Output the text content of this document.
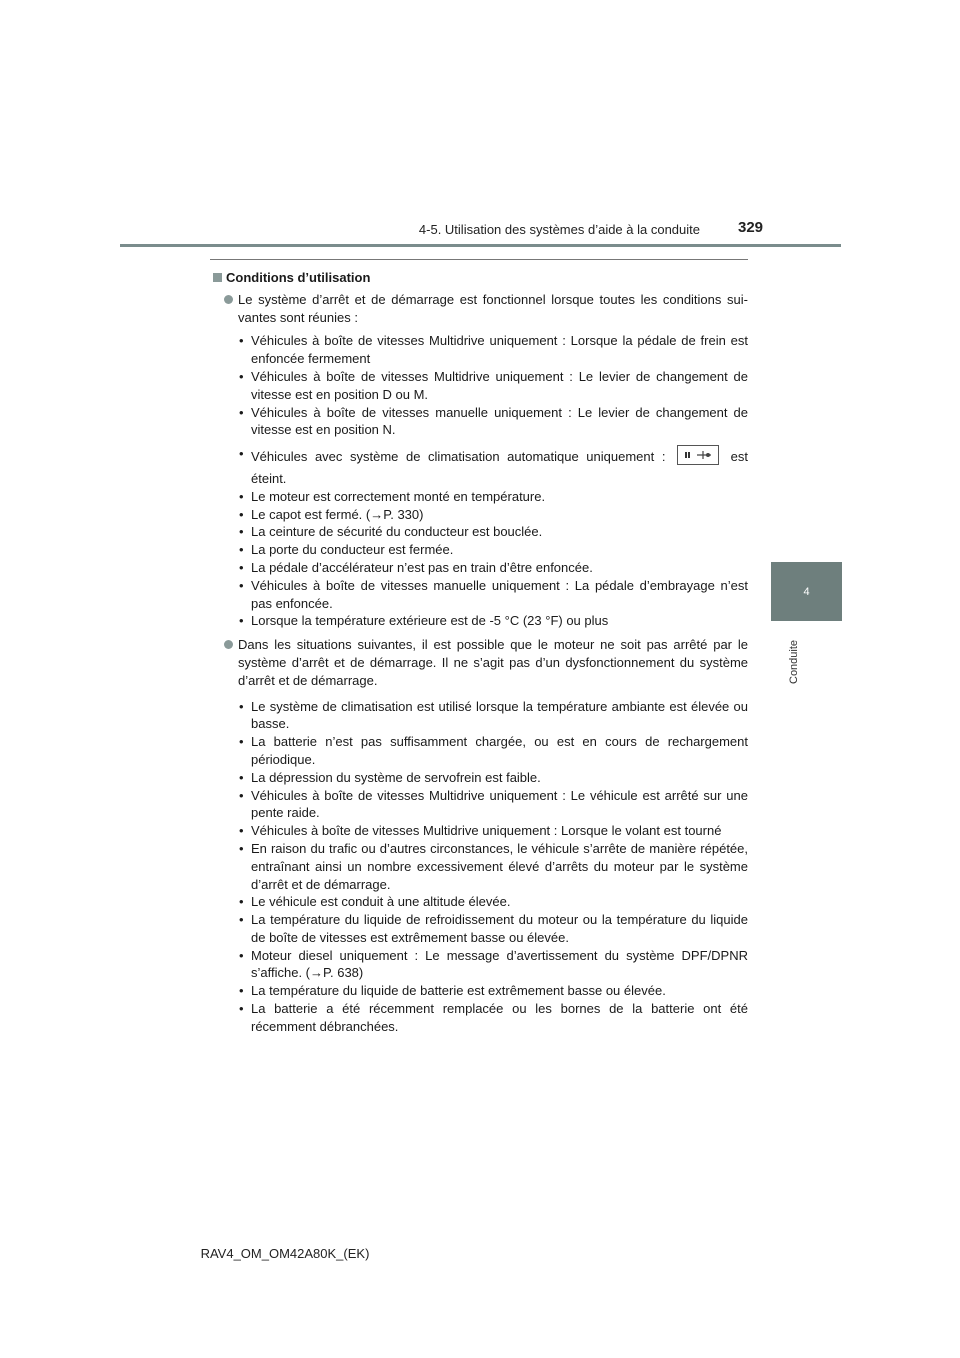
4-5. Utilisation des systèmes d’aide à la conduite	329
4
Conduite
Conditions d’utilisation
Le système d’arrêt et de démarrage est fonctionnel lorsque toutes les conditions sui-vantes sont réunies :
• Véhicules à boîte de vitesses Multidrive uniquement : Lorsque la pédale de frein est enfoncée fermement
• Véhicules à boîte de vitesses Multidrive uniquement : Le levier de changement de vitesse est en position D ou M.
• Véhicules à boîte de vitesses manuelle uniquement : Le levier de changement de vitesse est en position N.
• Véhicules avec système de climatisation automatique uniquement :	est éteint.
• Le moteur est correctement monté en température.
• Le capot est fermé. (→P. 330)
• La ceinture de sécurité du conducteur est bouclée.
• La porte du conducteur est fermée.
• La pédale d’accélérateur n’est pas en train d’être enfoncée.
• Véhicules à boîte de vitesses manuelle uniquement : La pédale d’embrayage n’est pas enfoncée.
• Lorsque la température extérieure est de -5 °C (23 °F) ou plus
Dans les situations suivantes, il est possible que le moteur ne soit pas arrêté par le système d’arrêt et de démarrage. Il ne s’agit pas d’un dysfonctionnement du système d’arrêt et de démarrage.
• Le système de climatisation est utilisé lorsque la température ambiante est élevée ou basse.
• La batterie n’est pas suffisamment chargée, ou est en cours de rechargement périodique.
• La dépression du système de servofrein est faible.
• Véhicules à boîte de vitesses Multidrive uniquement : Le véhicule est arrêté sur une pente raide.
• Véhicules à boîte de vitesses Multidrive uniquement : Lorsque le volant est tourné
• En raison du trafic ou d’autres circonstances, le véhicule s’arrête de manière répétée, entraînant ainsi un nombre excessivement élevé d’arrêts du moteur par le système d’arrêt et de démarrage.
• Le véhicule est conduit à une altitude élevée.
• La température du liquide de refroidissement du moteur ou la température du liquide de boîte de vitesses est extrêmement basse ou élevée.
• Moteur diesel uniquement : Le message d’avertissement du système DPF/DPNR s’affiche. (→P. 638)
• La température du liquide de batterie est extrêmement basse ou élevée.
• La batterie a été récemment remplacée ou les bornes de la batterie ont été récemment débranchées.
RAV4_OM_OM42A80K_(EK)
